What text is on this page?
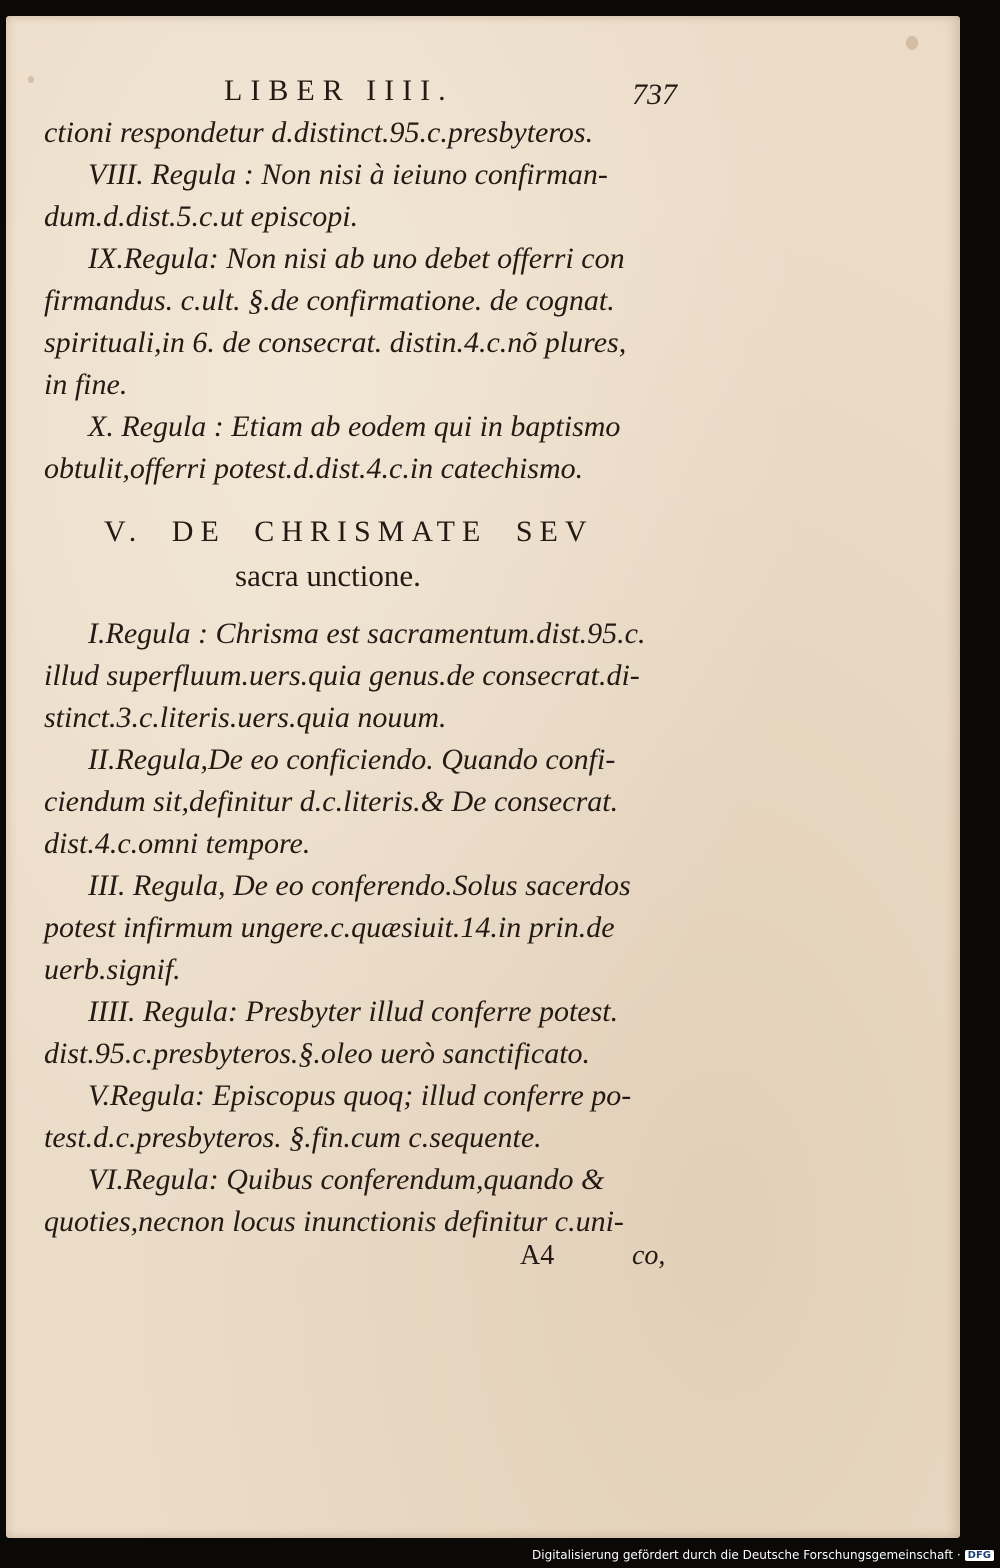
LIBER IIII.	737
ctioni respondetur d.distinct.95.c.presbyteros.
VIII. Regula : Non nisi à ieiuno confirman-
dum.d.dist.5.c.ut episcopi.
IX.Regula: Non nisi ab uno debet offerri con
firmandus. c.ult. §.de confirmatione. de cognat.
spirituali,in 6. de consecrat. distin.4.c.nõ plures,
in fine.
X. Regula : Etiam ab eodem qui in baptismo
obtulit,offerri potest.d.dist.4.c.in catechismo.
V. DE CHRISMATE SEV
sacra unctione.
I.Regula : Chrisma est sacramentum.dist.95.c.
illud superfluum.uers.quia genus.de consecrat.di-
stinct.3.c.literis.uers.quia nouum.
II.Regula,De eo conficiendo. Quando confi-
ciendum sit,definitur d.c.literis.& De consecrat.
dist.4.c.omni tempore.
III. Regula, De eo conferendo.Solus sacerdos
potest infirmum ungere.c.quæsiuit.14.in prin.de
uerb.signif.
IIII. Regula: Presbyter illud conferre potest.
dist.95.c.presbyteros.§.oleo uerò sanctificato.
V.Regula: Episcopus quoq; illud conferre po-
test.d.c.presbyteros. §.fin.cum c.sequente.
VI.Regula: Quibus conferendum,quando &
quoties,necnon locus inunctionis definitur c.uni-
A4	co,
Digitalisierung gefördert durch die Deutsche Forschungsgemeinschaft · DFG
